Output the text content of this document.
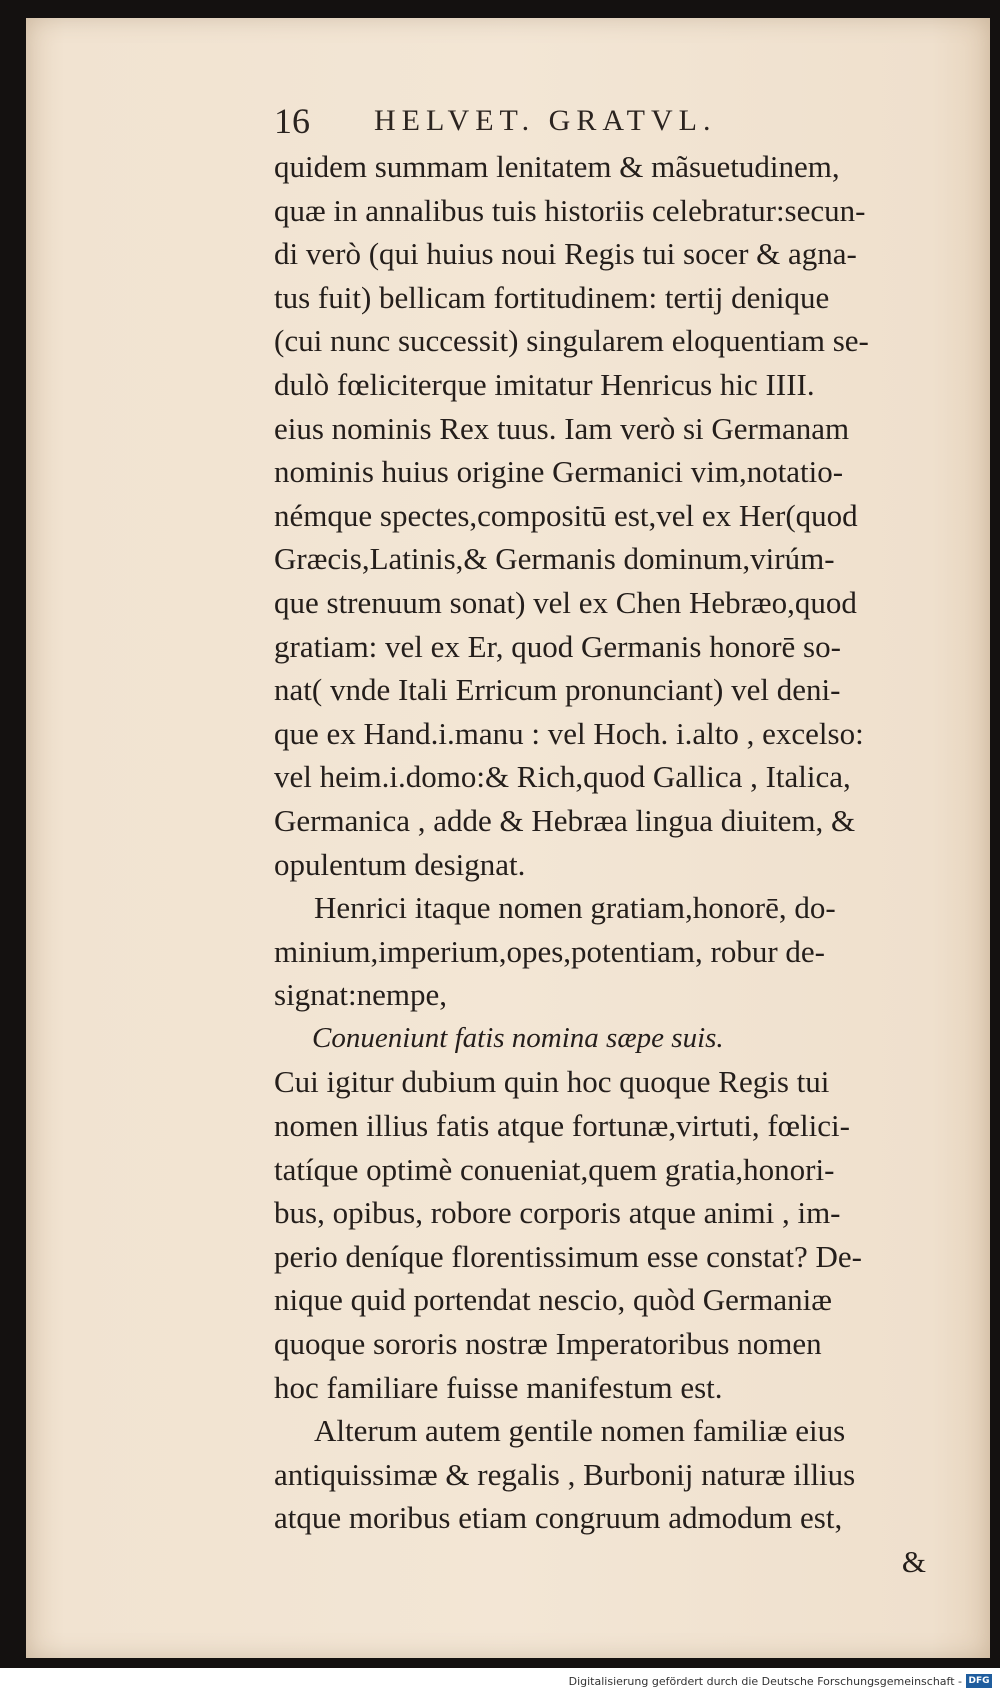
16 HELVET. GRATVL.
quidem summam lenitatem & mãsuetudinem,
quæ in annalibus tuis historiis celebratur:secun-
di verò (qui huius noui Regis tui socer & agna-
tus fuit) bellicam fortitudinem: tertij denique
(cui nunc successit) singularem eloquentiam se-
dulò fœliciterque imitatur Henricus hic IIII.
eius nominis Rex tuus. Iam verò si Germanam
nominis huius origine Germanici vim,notatio-
némque spectes,compositū est,vel ex Her(quod
Græcis,Latinis,& Germanis dominum,virúm-
que strenuum sonat) vel ex Chen Hebræo,quod
gratiam: vel ex Er, quod Germanis honorē so-
nat( vnde Itali Erricum pronunciant) vel deni-
que ex Hand.i.manu : vel Hoch. i.alto , excelso:
vel heim.i.domo:& Rich,quod Gallica , Italica,
Germanica , adde & Hebræa lingua diuitem, &
opulentum designat.
Henrici itaque nomen gratiam,honorē, do-
minium,imperium,opes,potentiam, robur de-
signat:nempe,
Conueniunt fatis nomina sæpe suis.
Cui igitur dubium quin hoc quoque Regis tui
nomen illius fatis atque fortunæ,virtuti, fœlici-
tatíque optimè conueniat,quem gratia,honori-
bus, opibus, robore corporis atque animi , im-
perio deníque florentissimum esse constat? De-
nique quid portendat nescio, quòd Germaniæ
quoque sororis nostræ Imperatoribus nomen
hoc familiare fuisse manifestum est.
Alterum autem gentile nomen familiæ eius
antiquissimæ & regalis , Burbonij naturæ illius
atque moribus etiam congruum admodum est,
&
Digitalisierung gefördert durch die Deutsche Forschungsgemeinschaft - DFG
